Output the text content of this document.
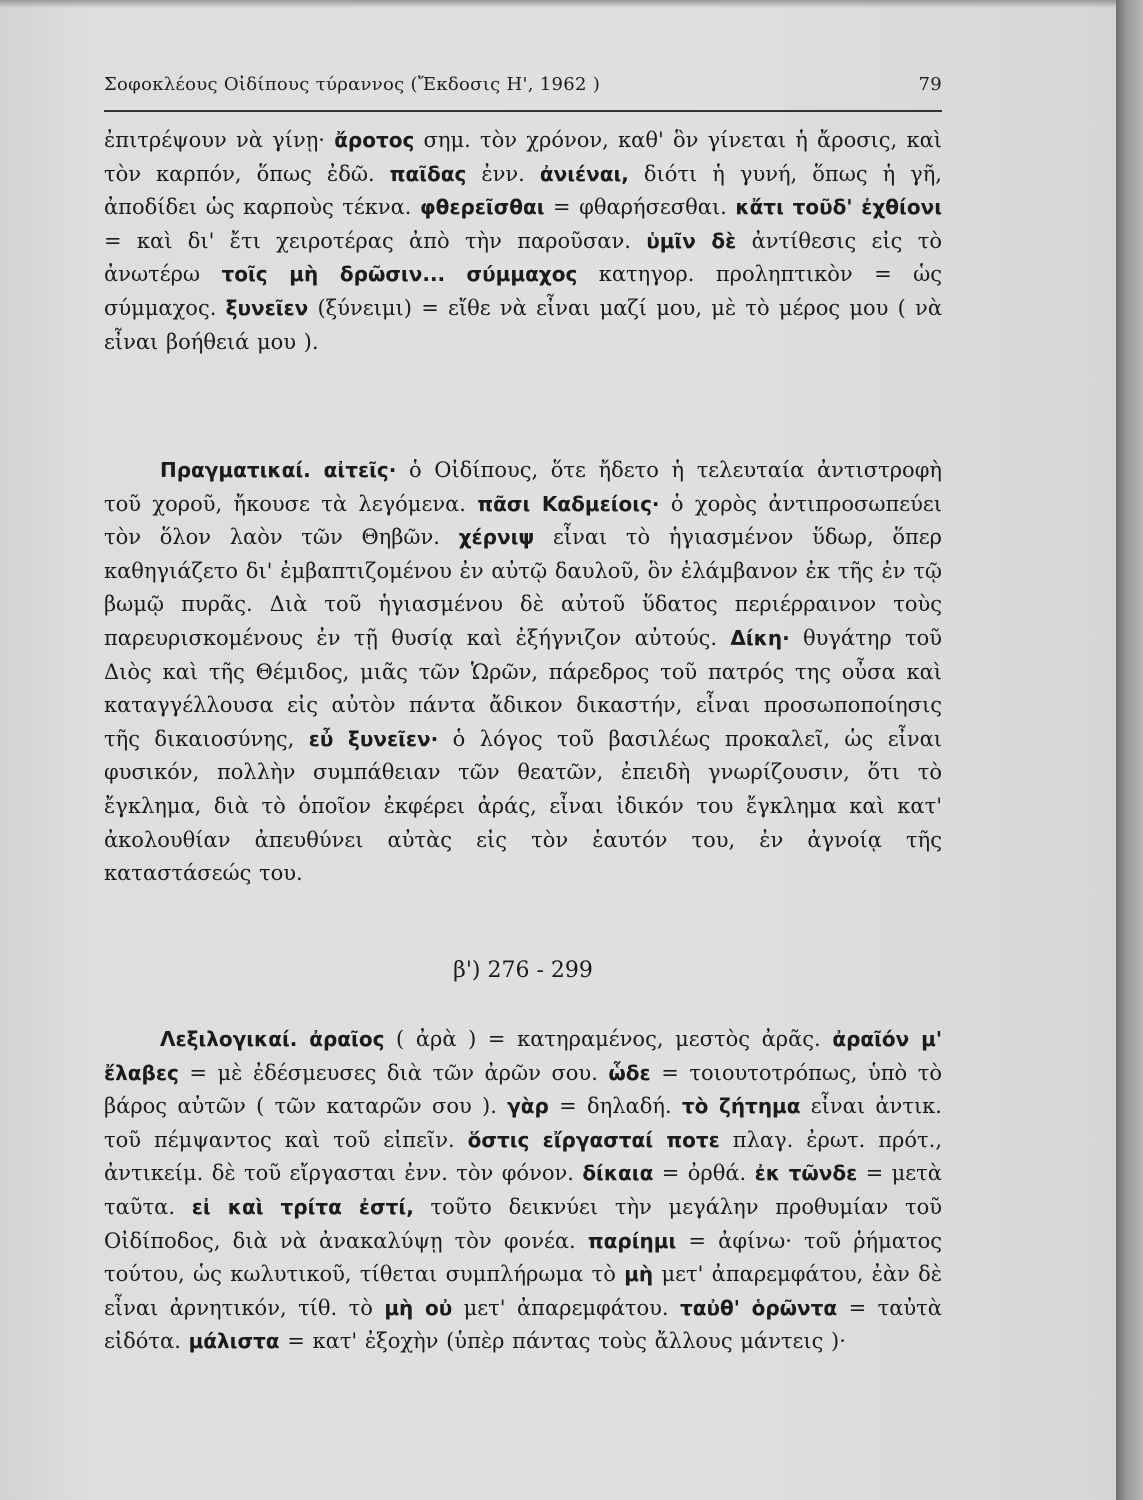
Σοφοκλέους Οἰδίπους τύραννος (Ἔκδοσις Η', 1962 )	79

ἐπιτρέψουν νὰ γίνῃ· ἄροτος σημ. τὸν χρόνον, καθ' ὃν γίνεται ἡ ἄροσις, καὶ τὸν καρπόν, ὅπως ἐδῶ. παῖδας ἐνν. ἀνιέναι, διότι ἡ γυνή, ὅπως ἡ γῆ, ἀποδίδει ὡς καρποὺς τέκνα. φθερεῖσθαι = φθαρήσεσθαι. κἄτι τοῦδ' ἐχθίονι = καὶ δι' ἔτι χειροτέρας ἀπὸ τὴν παροῦσαν. ὑμῖν δὲ ἀντίθεσις εἰς τὸ ἀνωτέρω τοῖς μὴ δρῶσιν... σύμμαχος κατηγορ. προληπτικὸν = ὡς σύμμαχος. ξυνεῖεν (ξύνειμι) = εἴθε νὰ εἶναι μαζί μου, μὲ τὸ μέρος μου ( νὰ εἶναι βοήθειά μου ).

Πραγματικαί. αἰτεῖς· ὁ Οἰδίπους, ὅτε ἤδετο ἡ τελευταία ἀντιστροφὴ τοῦ χοροῦ, ἤκουσε τὰ λεγόμενα. πᾶσι Καδμείοις· ὁ χορὸς ἀντιπροσωπεύει τὸν ὅλον λαὸν τῶν Θηβῶν. χέρνιψ εἶναι τὸ ἡγιασμένον ὕδωρ, ὅπερ καθηγιάζετο δι' ἐμβαπτιζομένου ἐν αὐτῷ δαυλοῦ, ὃν ἐλάμβανον ἐκ τῆς ἐν τῷ βωμῷ πυρᾶς. Διὰ τοῦ ἡγιασμένου δὲ αὐτοῦ ὕδατος περιέρραινον τοὺς παρευρισκομένους ἐν τῇ θυσίᾳ καὶ ἐξήγνιζον αὐτούς. Δίκη· θυγάτηρ τοῦ Διὸς καὶ τῆς Θέμιδος, μιᾶς τῶν Ὡρῶν, πάρεδρος τοῦ πατρός της οὖσα καὶ καταγγέλλουσα εἰς αὐτὸν πάντα ἄδικον δικαστήν, εἶναι προσωποποίησις τῆς δικαιοσύνης, εὖ ξυνεῖεν· ὁ λόγος τοῦ βασιλέως προκαλεῖ, ὡς εἶναι φυσικόν, πολλὴν συμπάθειαν τῶν θεατῶν, ἐπειδὴ γνωρίζουσιν, ὅτι τὸ ἔγκλημα, διὰ τὸ ὁποῖον ἐκφέρει ἀράς, εἶναι ἰδικόν του ἔγκλημα καὶ κατ' ἀκολουθίαν ἀπευθύνει αὐτὰς εἰς τὸν ἑαυτόν του, ἐν ἀγνοίᾳ τῆς καταστάσεώς του.

β') 276 - 299

Λεξιλογικαί. ἀραῖος ( ἀρὰ ) = κατηραμένος, μεστὸς ἀρᾶς. ἀραῖόν μ' ἔλαβες = μὲ ἐδέσμευσες διὰ τῶν ἀρῶν σου. ὧδε = τοιουτοτρόπως, ὑπὸ τὸ βάρος αὐτῶν ( τῶν καταρῶν σου ). γὰρ = δηλαδή. τὸ ζήτημα εἶναι ἀντικ. τοῦ πέμψαντος καὶ τοῦ εἰπεῖν. ὅστις εἴργασταί ποτε πλαγ. ἐρωτ. πρότ., ἀντικείμ. δὲ τοῦ εἴργασται ἐνν. τὸν φόνον. δίκαια = ὀρθά. ἐκ τῶνδε = μετὰ ταῦτα. εἰ καὶ τρίτα ἐστί, τοῦτο δεικνύει τὴν μεγάλην προθυμίαν τοῦ Οἰδίποδος, διὰ νὰ ἀνακαλύψῃ τὸν φονέα. παρίημι = ἀφίνω· τοῦ ῥήματος τούτου, ὡς κωλυτικοῦ, τίθεται συμπλήρωμα τὸ μὴ μετ' ἀπαρεμφάτου, ἐὰν δὲ εἶναι ἀρνητικόν, τίθ. τὸ μὴ οὐ μετ' ἀπαρεμφάτου. ταὐθ' ὁρῶντα = ταὐτὰ εἰδότα. μάλιστα = κατ' ἐξοχὴν (ὑπὲρ πάντας τοὺς ἄλλους μάντεις )·
